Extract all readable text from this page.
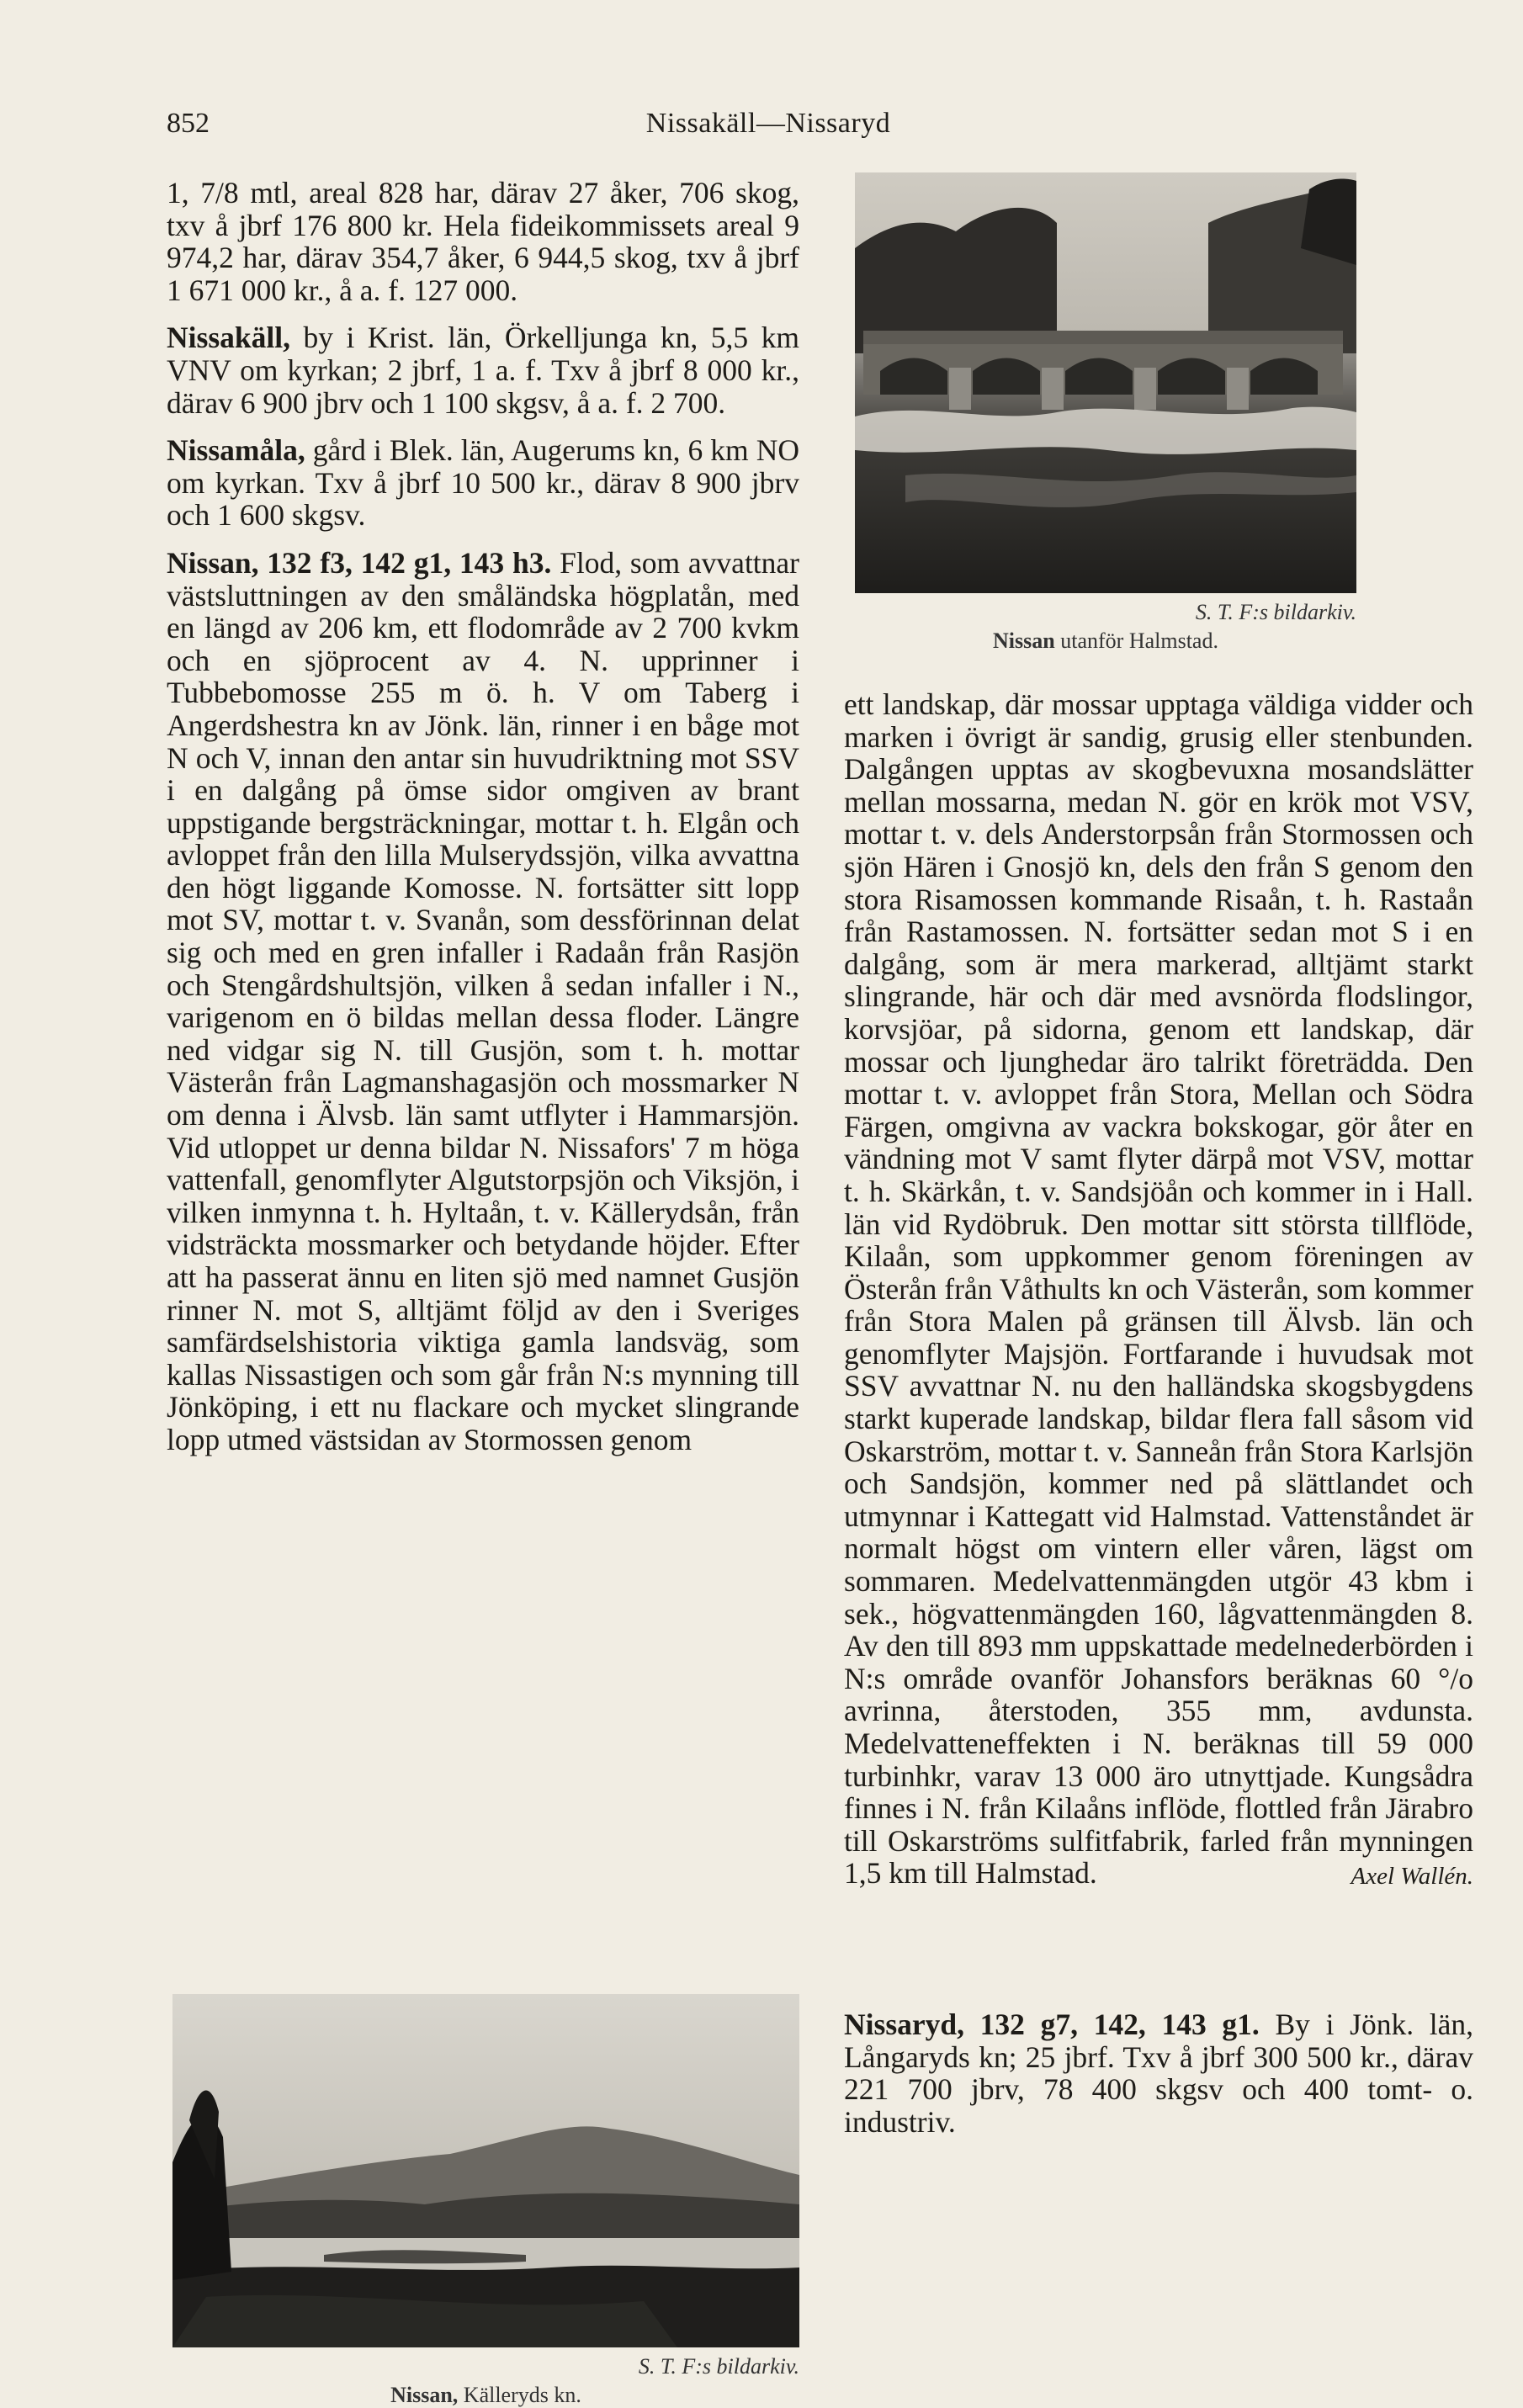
852	Nissakäll—Nissaryd

1, 7/8 mtl, areal 828 har, därav 27 åker, 706 skog, txv å jbrf 176 800 kr. Hela fideikommissets areal 9 974,2 har, därav 354,7 åker, 6 944,5 skog, txv å jbrf 1 671 000 kr., å a. f. 127 000.

Nissakäll, by i Krist. län, Örkelljunga kn, 5,5 km VNV om kyrkan; 2 jbrf, 1 a. f. Txv å jbrf 8 000 kr., därav 6 900 jbrv och 1 100 skgsv, å a. f. 2 700.

Nissamåla, gård i Blek. län, Augerums kn, 6 km NO om kyrkan. Txv å jbrf 10 500 kr., därav 8 900 jbrv och 1 600 skgsv.

Nissan, 132 f3, 142 g1, 143 h3. Flod, som avvattnar västsluttningen av den småländska högplatån, med en längd av 206 km, ett flodområde av 2 700 kvkm och en sjöprocent av 4. N. upprinner i Tubbebomosse 255 m ö. h. V om Taberg i Angerdshestra kn av Jönk. län, rinner i en båge mot N och V, innan den antar sin huvudriktning mot SSV i en dalgång på ömse sidor omgiven av brant uppstigande bergsträckningar, mottar t. h. Elgån och avloppet från den lilla Mulserydssjön, vilka avvattna den högt liggande Komosse. N. fortsätter sitt lopp mot SV, mottar t. v. Svanån, som dessförinnan delat sig och med en gren infaller i Radaån från Rasjön och Stengårdshultsjön, vilken å sedan infaller i N., varigenom en ö bildas mellan dessa floder. Längre ned vidgar sig N. till Gusjön, som t. h. mottar Västerån från Lagmanshagasjön och mossmarker N om denna i Älvsb. län samt utflyter i Hammarsjön. Vid utloppet ur denna bildar N. Nissafors' 7 m höga vattenfall, genomflyter Algutstorpsjön och Viksjön, i vilken inmynna t. h. Hyltaån, t. v. Källerydsån, från vidsträckta mossmarker och betydande höjder. Efter att ha passerat ännu en liten sjö med namnet Gusjön rinner N. mot S, alltjämt följd av den i Sveriges samfärdselshistoria viktiga gamla landsväg, som kallas Nissastigen och som går från N:s mynning till Jönköping, i ett nu flackare och mycket slingrande lopp utmed västsidan av Stormossen genom

S. T. F:s bildarkiv.
Nissan utanför Halmstad.

ett landskap, där mossar upptaga väldiga vidder och marken i övrigt är sandig, grusig eller stenbunden. Dalgången upptas av skogbevuxna mosandslätter mellan mossarna, medan N. gör en krök mot VSV, mottar t. v. dels Anderstorpsån från Stormossen och sjön Hären i Gnosjö kn, dels den från S genom den stora Risamossen kommande Risaån, t. h. Rastaån från Rastamossen. N. fortsätter sedan mot S i en dalgång, som är mera markerad, alltjämt starkt slingrande, här och där med avsnörda flodslingor, korvsjöar, på sidorna, genom ett landskap, där mossar och ljunghedar äro talrikt företrädda. Den mottar t. v. avloppet från Stora, Mellan och Södra Färgen, omgivna av vackra bokskogar, gör åter en vändning mot V samt flyter därpå mot VSV, mottar t. h. Skärkån, t. v. Sandsjöån och kommer in i Hall. län vid Rydöbruk. Den mottar sitt största tillflöde, Kilaån, som uppkommer genom föreningen av Österån från Våthults kn och Västerån, som kommer från Stora Malen på gränsen till Älvsb. län och genomflyter Majsjön. Fortfarande i huvudsak mot SSV avvattnar N. nu den halländska skogsbygdens starkt kuperade landskap, bildar flera fall såsom vid Oskarström, mottar t. v. Sanneån från Stora Karlsjön och Sandsjön, kommer ned på slättlandet och utmynnar i Kattegatt vid Halmstad. Vattenståndet är normalt högst om vintern eller våren, lägst om sommaren. Medelvattenmängden utgör 43 kbm i sek., högvattenmängden 160, lågvattenmängden 8. Av den till 893 mm uppskattade medelnederbörden i N:s område ovanför Johansfors beräknas 60 °/o avrinna, återstoden, 355 mm, avdunsta. Medelvatteneffekten i N. beräknas till 59 000 turbinhkr, varav 13 000 äro utnyttjade. Kungsådra finnes i N. från Kilaåns inflöde, flottled från Järabro till Oskarströms sulfitfabrik, farled från mynningen 1,5 km till Halmstad.	Axel Wallén.

Nissaryd, 132 g7, 142, 143 g1. By i Jönk. län, Långaryds kn; 25 jbrf. Txv å jbrf 300 500 kr., därav 221 700 jbrv, 78 400 skgsv och 400 tomt- o. industriv.

S. T. F:s bildarkiv.
Nissan, Källeryds kn.
